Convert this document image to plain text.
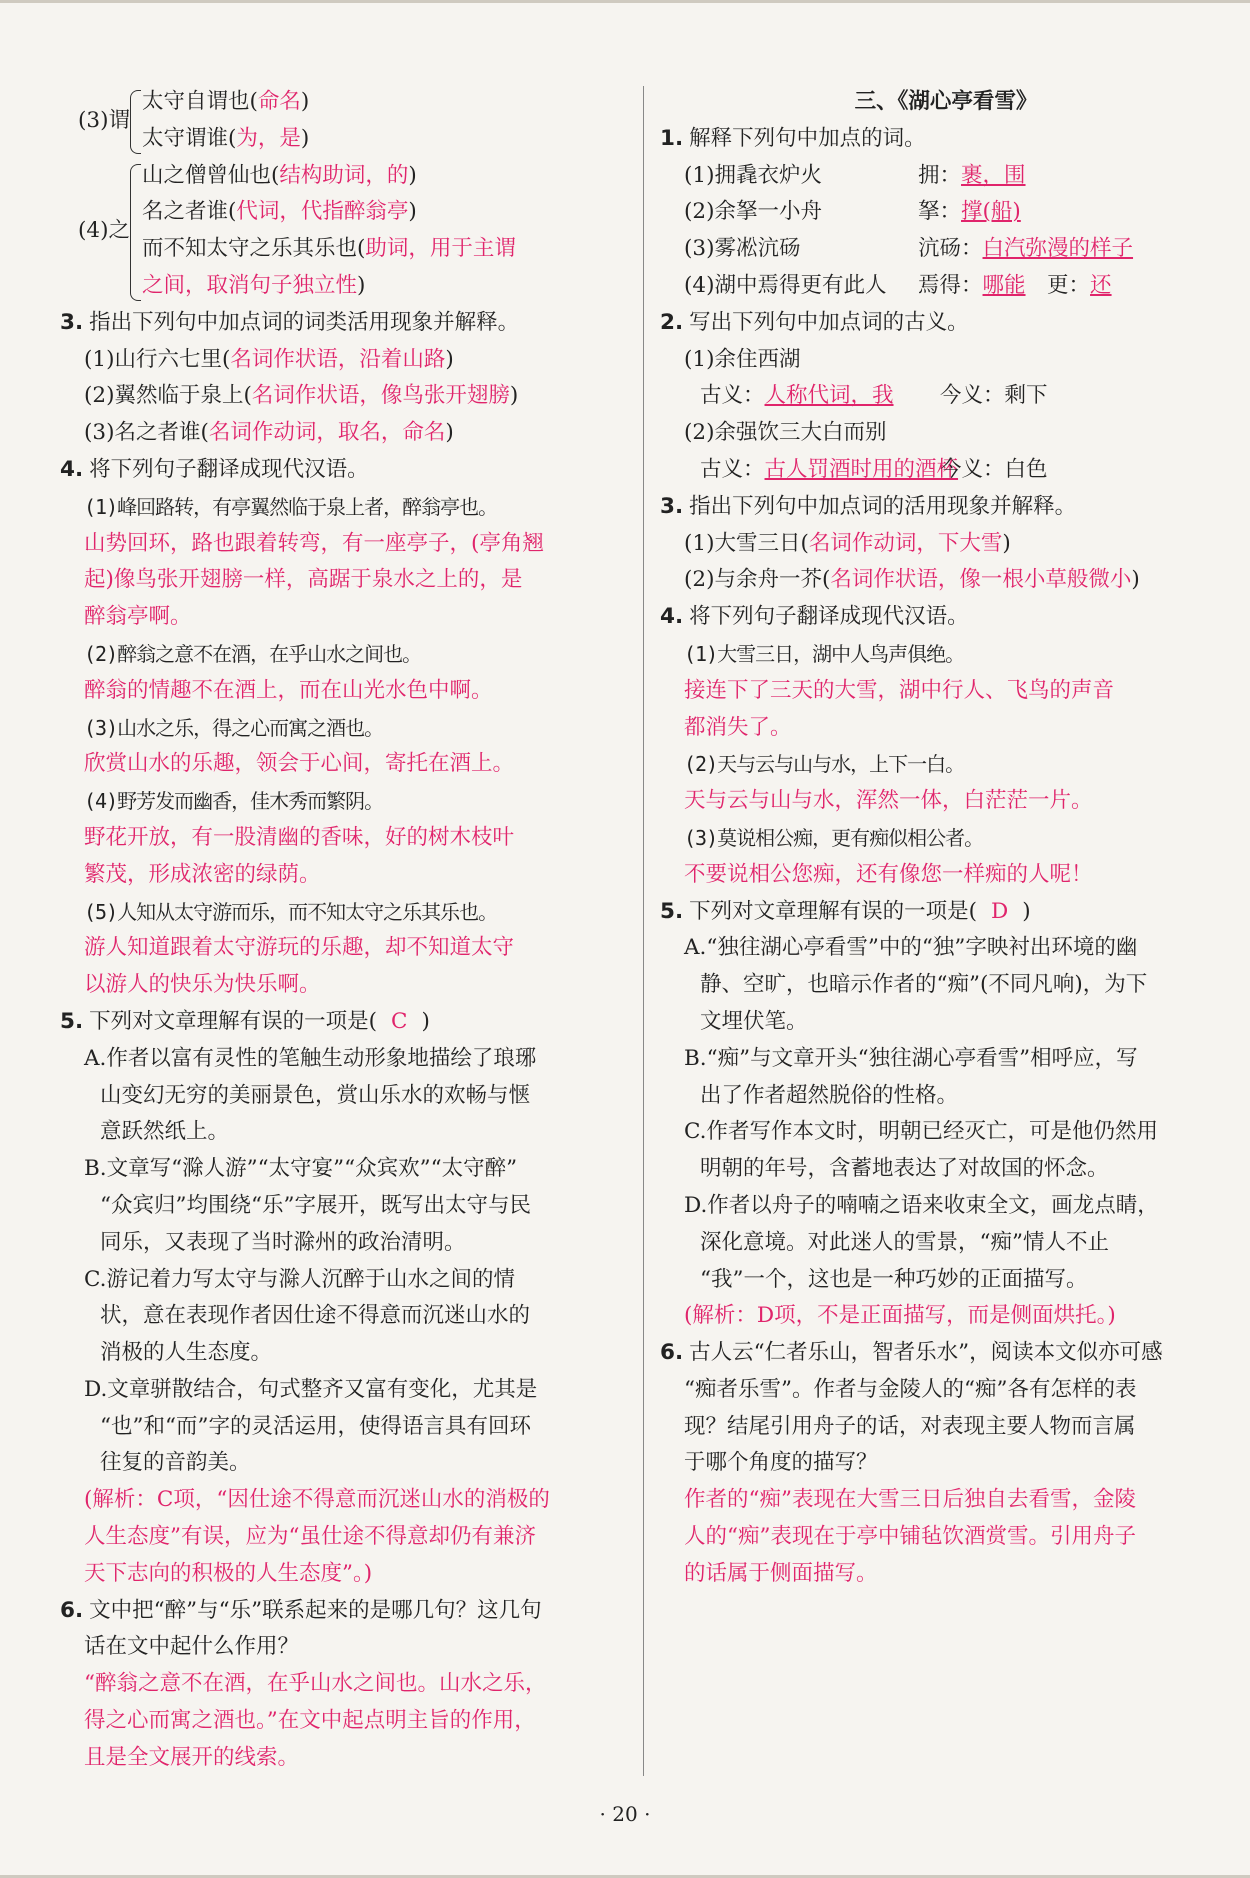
(3)谓
太守自谓也(命名)
太守谓谁(为，是)
(4)之
山之僧曾仙也(结构助词，的)
名之者谁(代词，代指醉翁亭)
而不知太守之乐其乐也(助词，用于主谓
之间，取消句子独立性)
3. 指出下列句中加点词的词类活用现象并解释。
(1)山行六七里(名词作状语，沿着山路)
(2)翼然临于泉上(名词作状语，像鸟张开翅膀)
(3)名之者谁(名词作动词，取名，命名)
4. 将下列句子翻译成现代汉语。
(1)峰回路转，有亭翼然临于泉上者，醉翁亭也。
山势回环，路也跟着转弯，有一座亭子，(亭角翘
起)像鸟张开翅膀一样，高踞于泉水之上的，是
醉翁亭啊。
(2)醉翁之意不在酒，在乎山水之间也。
醉翁的情趣不在酒上，而在山光水色中啊。
(3)山水之乐，得之心而寓之酒也。
欣赏山水的乐趣，领会于心间，寄托在酒上。
(4)野芳发而幽香，佳木秀而繁阴。
野花开放，有一股清幽的香味，好的树木枝叶
繁茂，形成浓密的绿荫。
(5)人知从太守游而乐，而不知太守之乐其乐也。
游人知道跟着太守游玩的乐趣，却不知道太守
以游人的快乐为快乐啊。
5. 下列对文章理解有误的一项是( C )
A.作者以富有灵性的笔触生动形象地描绘了琅琊
山变幻无穷的美丽景色，赏山乐水的欢畅与惬
意跃然纸上。
B.文章写“滁人游”“太守宴”“众宾欢”“太守醉”
“众宾归”均围绕“乐”字展开，既写出太守与民
同乐，又表现了当时滁州的政治清明。
C.游记着力写太守与滁人沉醉于山水之间的情
状，意在表现作者因仕途不得意而沉迷山水的
消极的人生态度。
D.文章骈散结合，句式整齐又富有变化，尤其是
“也”和“而”字的灵活运用，使得语言具有回环
往复的音韵美。
(解析：C项，“因仕途不得意而沉迷山水的消极的
人生态度”有误，应为“虽仕途不得意却仍有兼济
天下志向的积极的人生态度”。)
6. 文中把“醉”与“乐”联系起来的是哪几句？这几句
话在文中起什么作用？
“醉翁之意不在酒，在乎山水之间也。山水之乐，
得之心而寓之酒也。”在文中起点明主旨的作用，
且是全文展开的线索。
三、《湖心亭看雪》
1. 解释下列句中加点的词。
(1)拥毳衣炉火	拥：裹，围
(2)余拏一小舟	拏：撑(船)
(3)雾凇沆砀	沆砀：白汽弥漫的样子
(4)湖中焉得更有此人 焉得：哪能　更：还
2. 写出下列句中加点词的古义。
(1)余住西湖
古义：人称代词，我 今义：剩下
(2)余强饮三大白而别
古义：古人罚酒时用的酒杯
今义：白色
3. 指出下列句中加点词的活用现象并解释。
(1)大雪三日(名词作动词，下大雪)
(2)与余舟一芥(名词作状语，像一根小草般微小)
4. 将下列句子翻译成现代汉语。
(1)大雪三日，湖中人鸟声俱绝。
接连下了三天的大雪，湖中行人、飞鸟的声音
都消失了。
(2)天与云与山与水，上下一白。
天与云与山与水，浑然一体，白茫茫一片。
(3)莫说相公痴，更有痴似相公者。
不要说相公您痴，还有像您一样痴的人呢！
5. 下列对文章理解有误的一项是( D )
A.“独往湖心亭看雪”中的“独”字映衬出环境的幽
静、空旷，也暗示作者的“痴”(不同凡响)，为下
文埋伏笔。
B.“痴”与文章开头“独往湖心亭看雪”相呼应，写
出了作者超然脱俗的性格。
C.作者写作本文时，明朝已经灭亡，可是他仍然用
明朝的年号，含蓄地表达了对故国的怀念。
D.作者以舟子的喃喃之语来收束全文，画龙点睛，
深化意境。对此迷人的雪景，“痴”情人不止
“我”一个，这也是一种巧妙的正面描写。
(解析：D项，不是正面描写，而是侧面烘托。)
6. 古人云“仁者乐山，智者乐水”，阅读本文似亦可感
“痴者乐雪”。作者与金陵人的“痴”各有怎样的表
现？结尾引用舟子的话，对表现主要人物而言属
于哪个角度的描写？
作者的“痴”表现在大雪三日后独自去看雪，金陵
人的“痴”表现在于亭中铺毡饮酒赏雪。引用舟子
的话属于侧面描写。
· 20 ·
